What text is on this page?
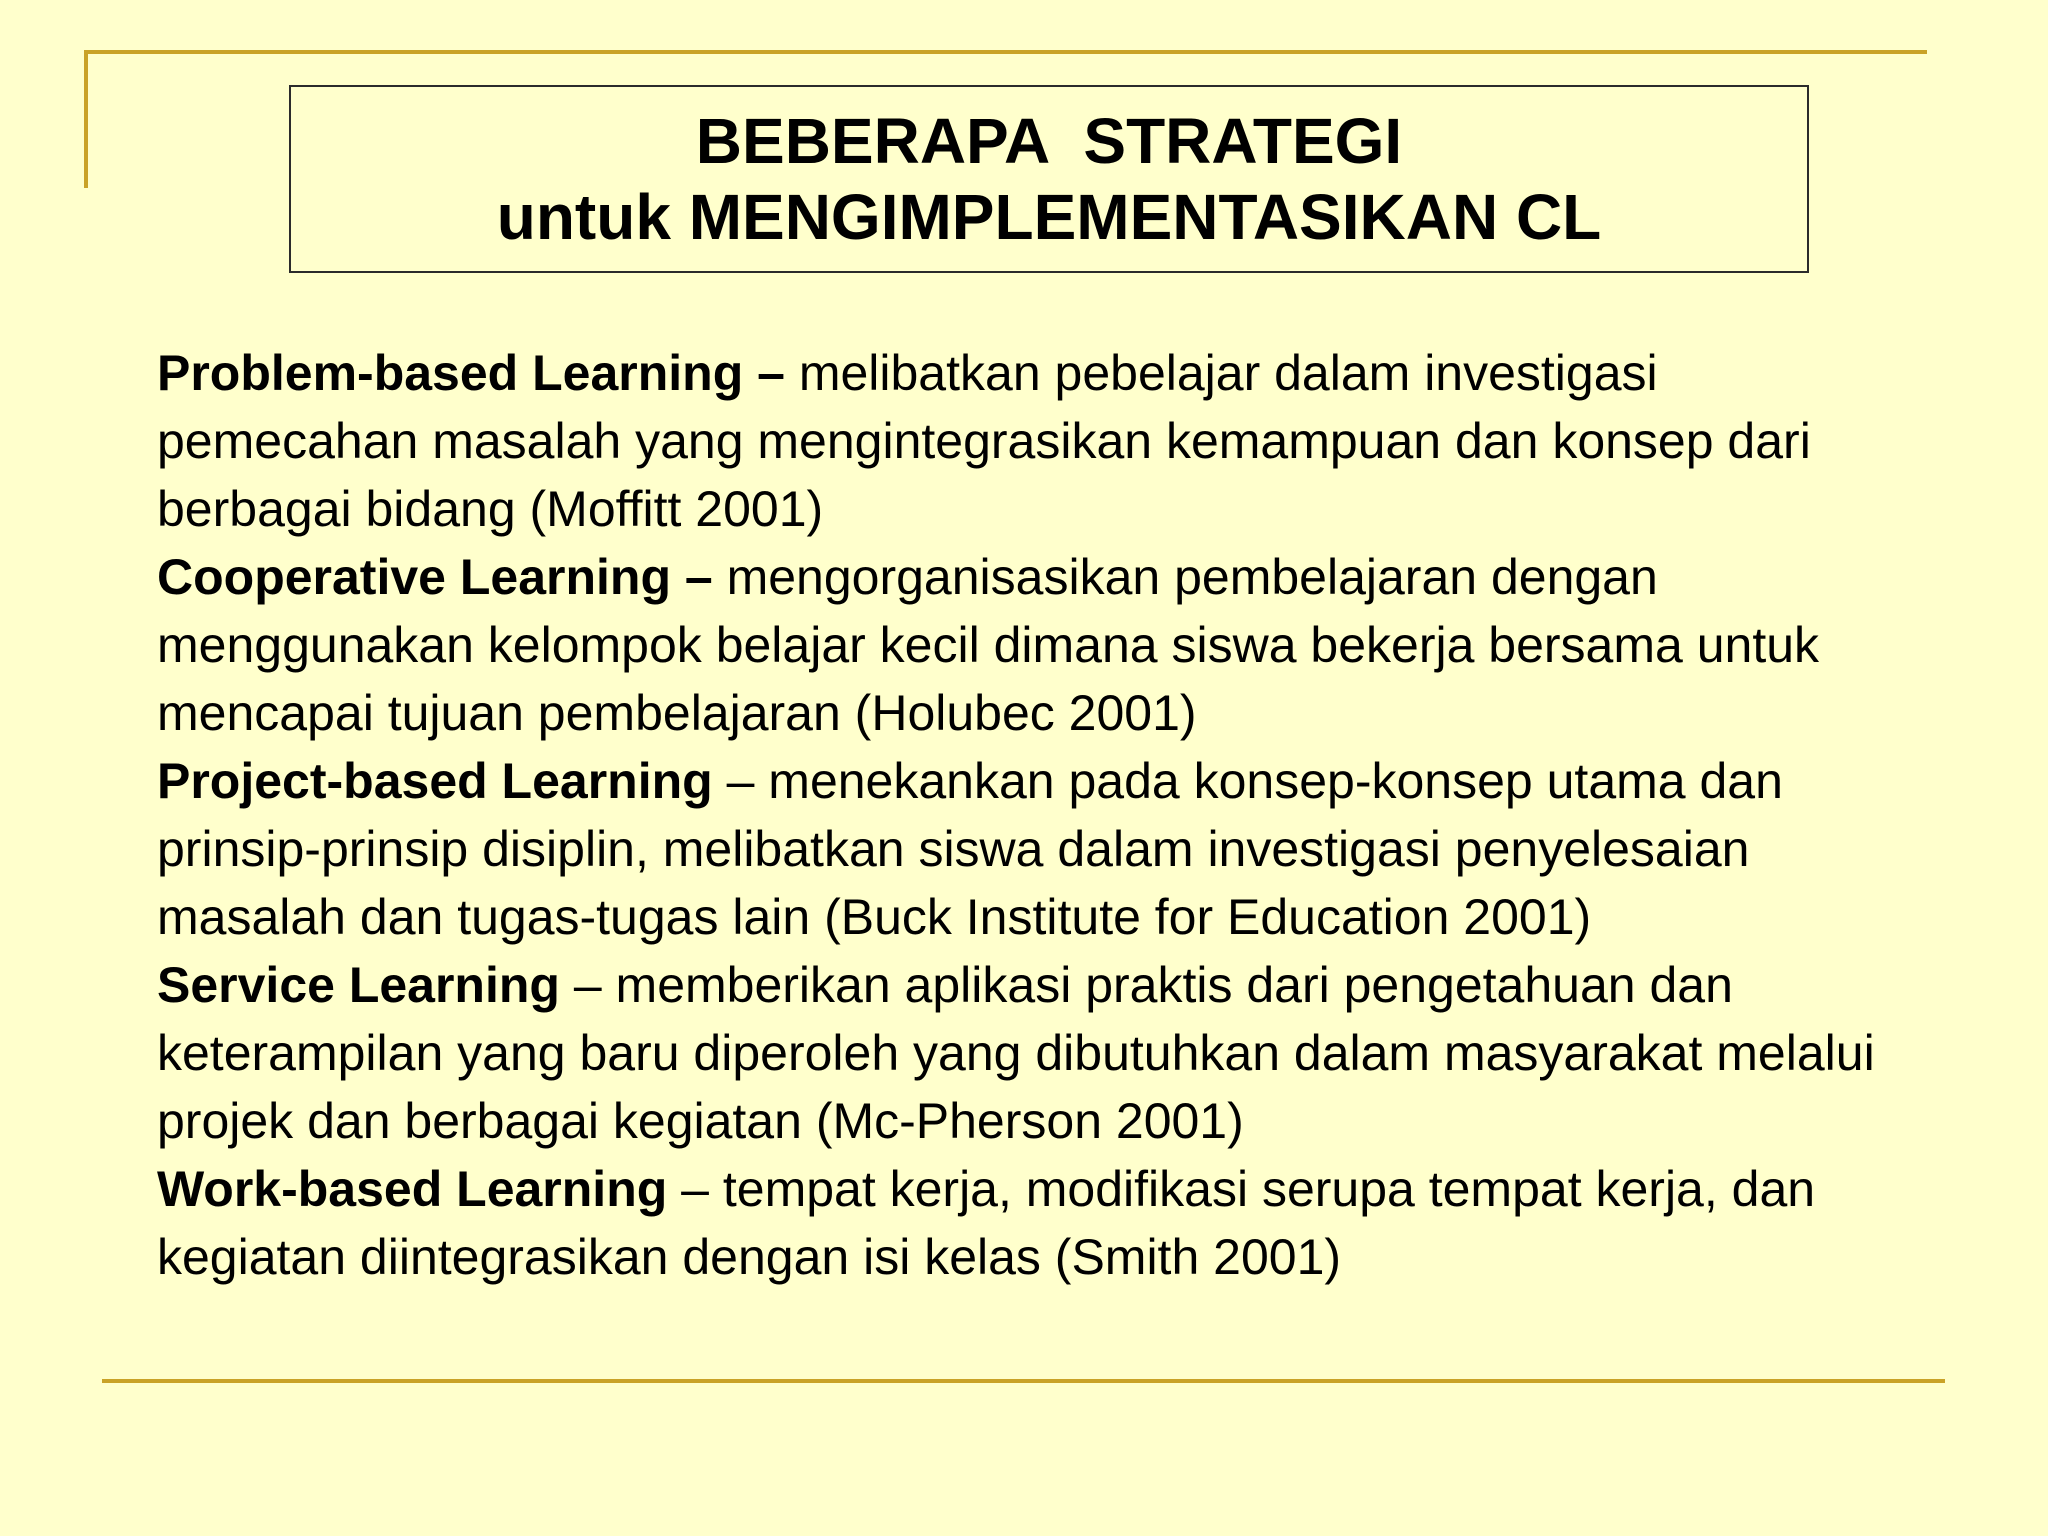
BEBERAPA  STRATEGI
untuk MENGIMPLEMENTASIKAN CL

Problem-based Learning – melibatkan pebelajar dalam investigasi pemecahan masalah yang mengintegrasikan kemampuan dan konsep dari berbagai bidang (Moffitt 2001)

Cooperative Learning – mengorganisasikan pembelajaran dengan menggunakan kelompok belajar kecil dimana siswa bekerja bersama untuk mencapai tujuan pembelajaran (Holubec 2001)

Project-based Learning – menekankan pada konsep-konsep utama dan prinsip-prinsip disiplin, melibatkan siswa dalam investigasi penyelesaian masalah dan tugas-tugas lain (Buck Institute for Education 2001)

Service Learning – memberikan aplikasi praktis dari pengetahuan dan keterampilan yang baru diperoleh yang dibutuhkan dalam masyarakat melalui projek dan berbagai kegiatan (Mc-Pherson 2001)

Work-based Learning – tempat kerja, modifikasi serupa tempat kerja, dan kegiatan diintegrasikan dengan isi kelas (Smith 2001)
